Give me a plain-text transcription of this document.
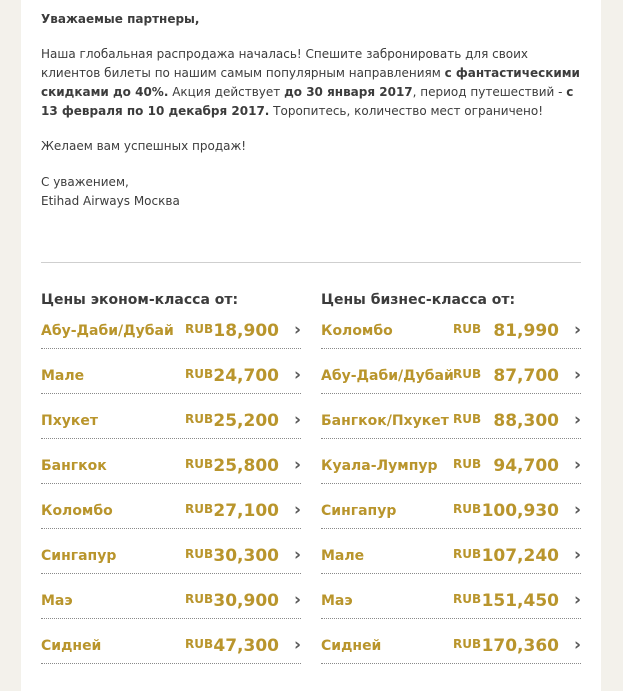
Уважаемые партнеры,
Наша глобальная распродажа началась! Спешите забронировать для своих клиентов билеты по нашим самым популярным направлениям с фантастическими скидками до 40%. Акция действует до 30 января 2017, период путешествий - с 13 февраля по 10 декабря 2017. Торопитесь, количество мест ограничено!
Желаем вам успешных продаж!
С уважением,
Etihad Airways Москва
Цены эконом-класса от:	Цены бизнес-класса от:
Абу-Даби/Дубай RUB 18,900 ›
Мале	RUB 24,700 ›
Пхукет	RUB 25,200 ›
Бангкок	RUB 25,800 ›
Коломбо	RUB 27,100 ›
Сингапур	RUB 30,300 ›
Маэ	RUB 30,900 ›
Сидней	RUB 47,300 ›
Коломбо	RUB 81,990 ›
Абу-Даби/Дубай RUB 87,700 ›
Бангкок/Пхукет RUB 88,300 ›
Куала-Лумпур RUB 94,700 ›
Сингапур	RUB 100,930 ›
Мале	RUB 107,240 ›
Маэ	RUB 151,450 ›
Сидней	RUB 170,360 ›
